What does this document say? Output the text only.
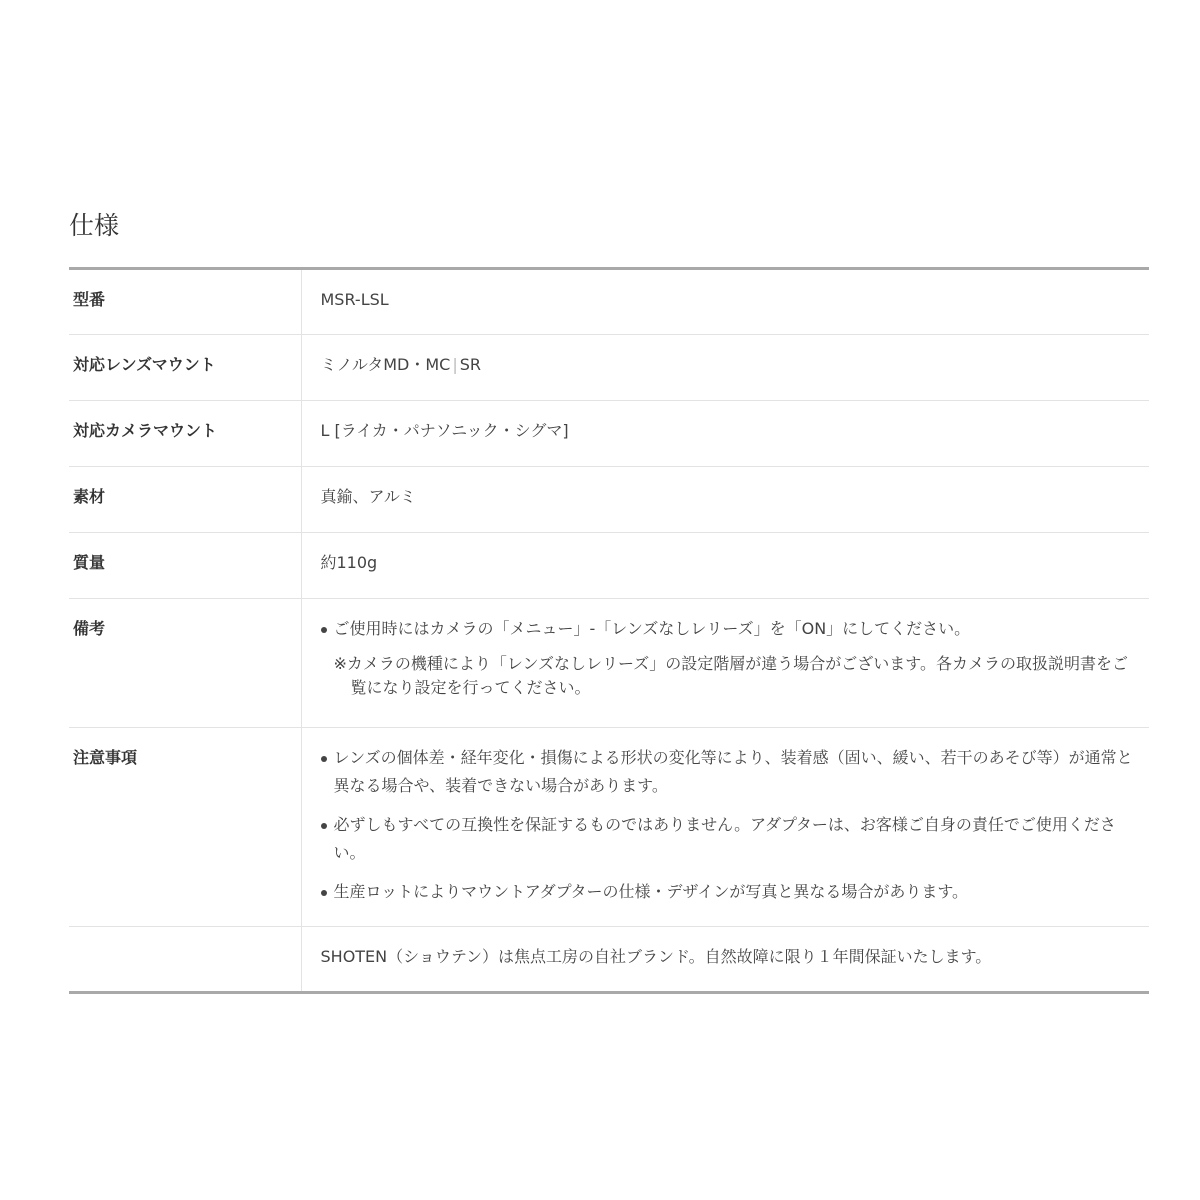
仕様
型番	MSR-LSL
対応レンズマウント	ミノルタMD・MC | SR
対応カメラマウント	L [ライカ・パナソニック・シグマ]
素材	真鍮、アルミ
質量	約110g
備考	ご使用時にはカメラの「メニュー」-「レンズなしレリーズ」を「ON」にしてください。
※カメラの機種により「レンズなしレリーズ」の設定階層が違う場合がございます。各カメラの取扱説明書をご覧になり設定を行ってください。

注意事項	レンズの個体差・経年変化・損傷による形状の変化等により、装着感（固い、緩い、若干のあそび等）が通常と異なる場合や、装着できない場合があります。
必ずしもすべての互換性を保証するものではありません。アダプターは、お客様ご自身の責任でご使用ください。
生産ロットによりマウントアダプターの仕様・デザインが写真と異なる場合があります。

	SHOTEN（ショウテン）は焦点工房の自社ブランド。自然故障に限り１年間保証いたします。
